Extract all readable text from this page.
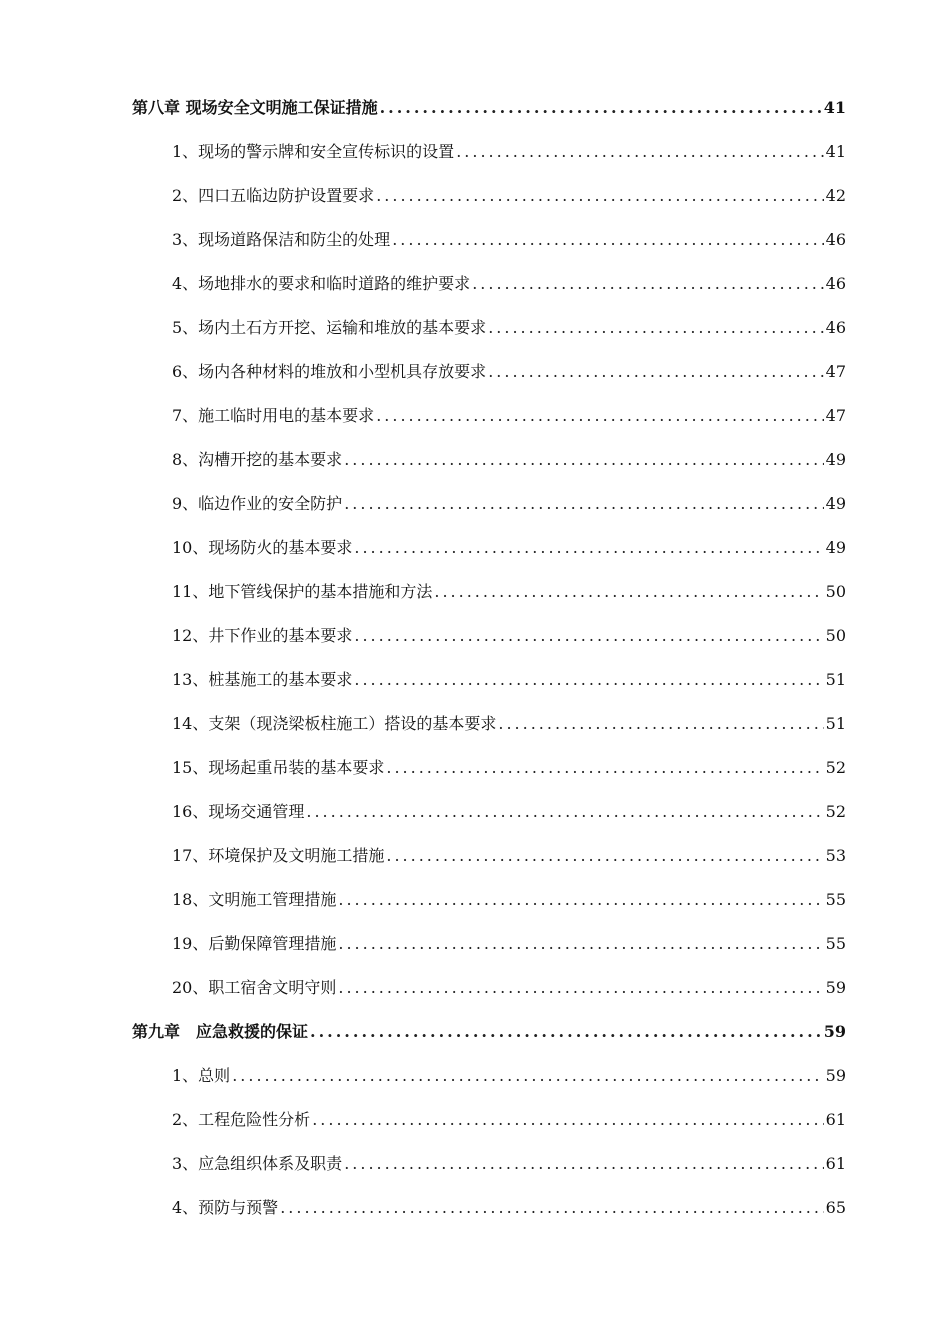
第八章 现场安全文明施工保证措施 .....	41
1、现场的警示牌和安全宣传标识的设置 .....	41
2、四口五临边防护设置要求 .....	42
3、现场道路保洁和防尘的处理 .....	46
4、场地排水的要求和临时道路的维护要求 .....	46
5、场内土石方开挖、运输和堆放的基本要求 .....	46
6、场内各种材料的堆放和小型机具存放要求 .....	47
7、施工临时用电的基本要求 .....	47
8、沟槽开挖的基本要求 .....	49
9、临边作业的安全防护 .....	49
10、现场防火的基本要求 .....	49
11、地下管线保护的基本措施和方法 .....	50
12、井下作业的基本要求 .....	50
13、桩基施工的基本要求 .....	51
14、支架（现浇梁板柱施工）搭设的基本要求 .....	51
15、现场起重吊装的基本要求 .....	52
16、现场交通管理 .....	52
17、环境保护及文明施工措施 .....	53
18、文明施工管理措施 .....	55
19、后勤保障管理措施 .....	55
20、职工宿舍文明守则 .....	59
第九章　应急救援的保证 .....	59
1、总则 .....	59
2、工程危险性分析 .....	61
3、应急组织体系及职责 .....	61
4、预防与预警 .....	65
